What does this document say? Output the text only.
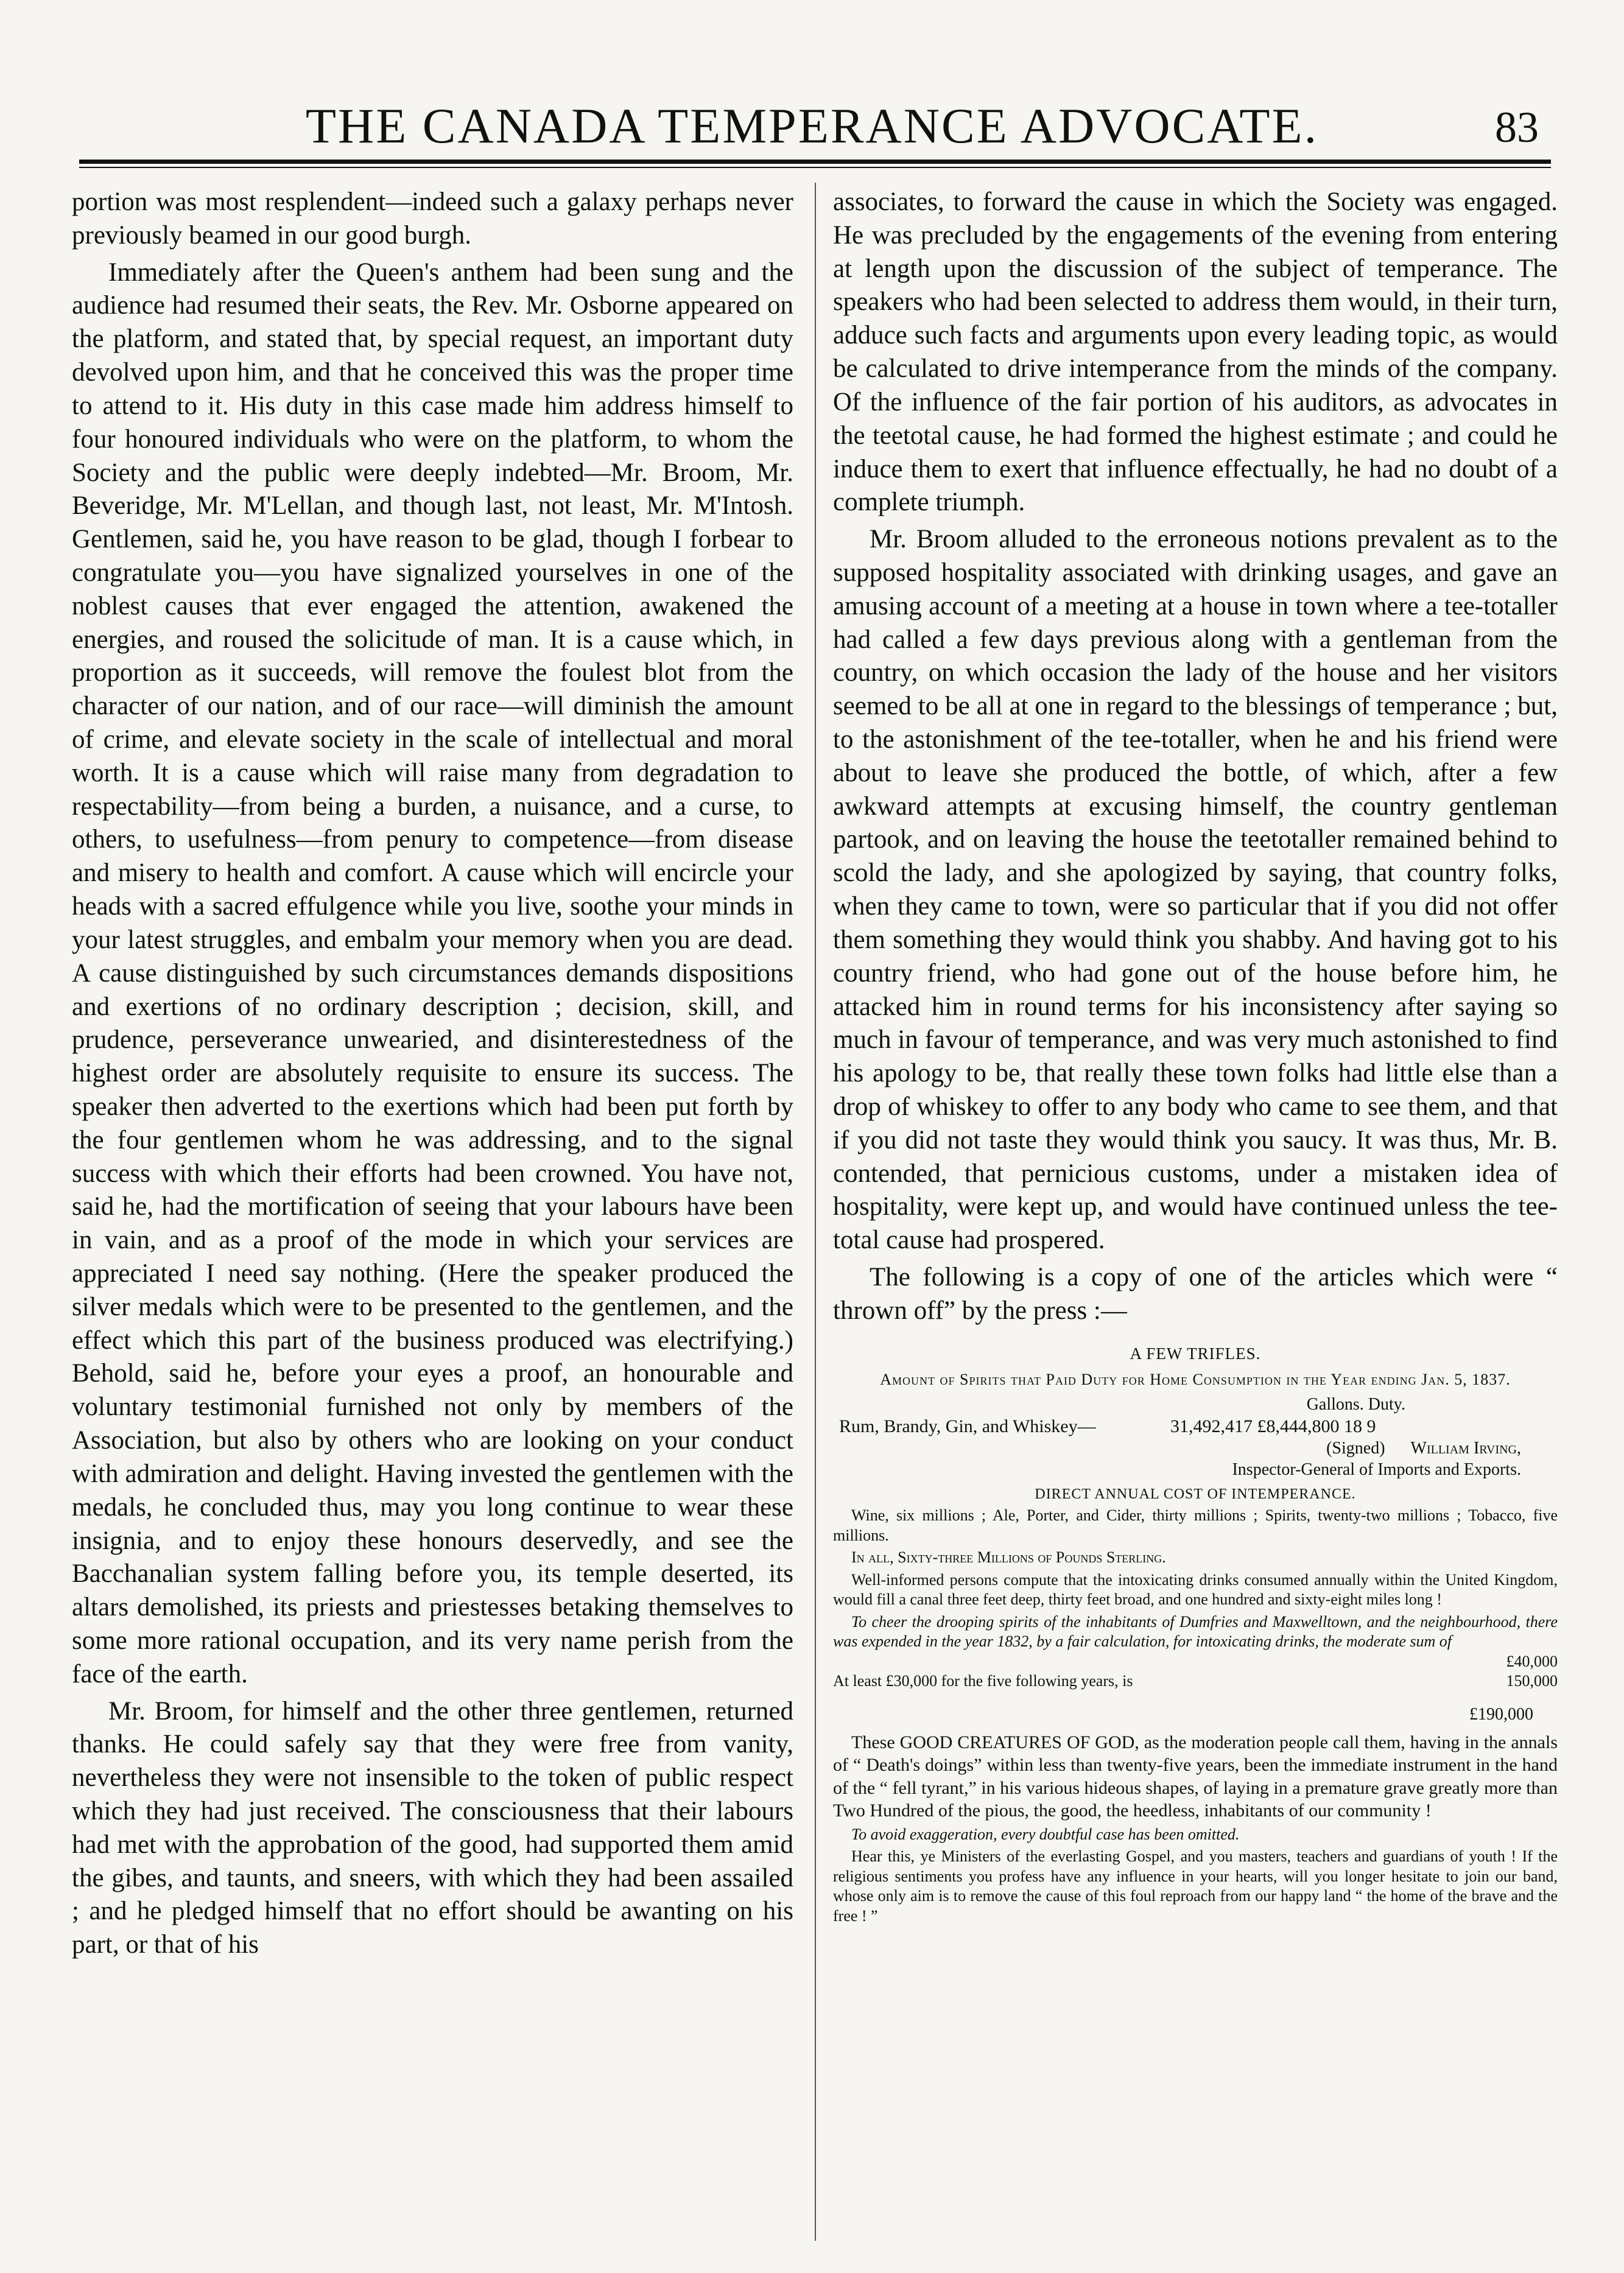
THE CANADA TEMPERANCE ADVOCATE.	83

portion was most resplendent—indeed such a galaxy perhaps never previously beamed in our good burgh.

Immediately after the Queen's anthem had been sung and the audience had resumed their seats, the Rev. Mr. Osborne appeared on the platform, and stated that, by special request, an important duty devolved upon him, and that he conceived this was the proper time to attend to it. His duty in this case made him address himself to four honoured individuals who were on the platform, to whom the Society and the public were deeply indebted—Mr. Broom, Mr. Beveridge, Mr. M'Lellan, and though last, not least, Mr. M'Intosh. Gentlemen, said he, you have reason to be glad, though I forbear to congratulate you—you have signalized yourselves in one of the noblest causes that ever engaged the attention, awakened the energies, and roused the solicitude of man. It is a cause which, in proportion as it succeeds, will remove the foulest blot from the character of our nation, and of our race—will diminish the amount of crime, and elevate society in the scale of intellectual and moral worth. It is a cause which will raise many from degradation to respectability—from being a burden, a nuisance, and a curse, to others, to usefulness—from penury to competence—from disease and misery to health and comfort. A cause which will encircle your heads with a sacred effulgence while you live, soothe your minds in your latest struggles, and embalm your memory when you are dead. A cause distinguished by such circumstances demands dispositions and exertions of no ordinary description ; decision, skill, and prudence, perseverance unwearied, and disinterestedness of the highest order are absolutely requisite to ensure its success. The speaker then adverted to the exertions which had been put forth by the four gentlemen whom he was addressing, and to the signal success with which their efforts had been crowned. You have not, said he, had the mortification of seeing that your labours have been in vain, and as a proof of the mode in which your services are appreciated I need say nothing. (Here the speaker produced the silver medals which were to be presented to the gentlemen, and the effect which this part of the business produced was electrifying.) Behold, said he, before your eyes a proof, an honourable and voluntary testimonial furnished not only by members of the Association, but also by others who are looking on your conduct with admiration and delight. Having invested the gentlemen with the medals, he concluded thus, may you long continue to wear these insignia, and to enjoy these honours deservedly, and see the Bacchanalian system falling before you, its temple deserted, its altars demolished, its priests and priestesses betaking themselves to some more rational occupation, and its very name perish from the face of the earth.

Mr. Broom, for himself and the other three gentlemen, returned thanks. He could safely say that they were free from vanity, nevertheless they were not insensible to the token of public respect which they had just received. The consciousness that their labours had met with the approbation of the good, had supported them amid the gibes, and taunts, and sneers, with which they had been assailed ; and he pledged himself that no effort should be awanting on his part, or that of his

associates, to forward the cause in which the Society was engaged. He was precluded by the engagements of the evening from entering at length upon the discussion of the subject of temperance. The speakers who had been selected to address them would, in their turn, adduce such facts and arguments upon every leading topic, as would be calculated to drive intemperance from the minds of the company. Of the influence of the fair portion of his auditors, as advocates in the teetotal cause, he had formed the highest estimate ; and could he induce them to exert that influence effectually, he had no doubt of a complete triumph.

Mr. Broom alluded to the erroneous notions prevalent as to the supposed hospitality associated with drinking usages, and gave an amusing account of a meeting at a house in town where a tee-totaller had called a few days previous along with a gentleman from the country, on which occasion the lady of the house and her visitors seemed to be all at one in regard to the blessings of temperance ; but, to the astonishment of the tee-totaller, when he and his friend were about to leave she produced the bottle, of which, after a few awkward attempts at excusing himself, the country gentleman partook, and on leaving the house the teetotaller remained behind to scold the lady, and she apologized by saying, that country folks, when they came to town, were so particular that if you did not offer them something they would think you shabby. And having got to his country friend, who had gone out of the house before him, he attacked him in round terms for his inconsistency after saying so much in favour of temperance, and was very much astonished to find his apology to be, that really these town folks had little else than a drop of whiskey to offer to any body who came to see them, and that if you did not taste they would think you saucy. It was thus, Mr. B. contended, that pernicious customs, under a mistaken idea of hospitality, were kept up, and would have continued unless the tee-total cause had prospered.

The following is a copy of one of the articles which were “ thrown off” by the press :—

A FEW TRIFLES.
Amount of Spirits that Paid Duty for Home Consumption in the Year ending Jan. 5, 1837.
Gallons. Duty.
Rum, Brandy, Gin, and Whiskey—	31,492,417 £8,444,800 18 9
(Signed) William Irving,
Inspector-General of Imports and Exports.
DIRECT ANNUAL COST OF INTEMPERANCE.
Wine, six millions ; Ale, Porter, and Cider, thirty millions ; Spirits, twenty-two millions ; Tobacco, five millions.
In all, Sixty-three Millions of Pounds Sterling.
Well-informed persons compute that the intoxicating drinks consumed annually within the United Kingdom, would fill a canal three feet deep, thirty feet broad, and one hundred and sixty-eight miles long !
To cheer the drooping spirits of the inhabitants of Dumfries and Maxwelltown, and the neighbourhood, there was expended in the year 1832, by a fair calculation, for intoxicating drinks, the moderate sum of
£40,000
At least £30,000 for the five following years, is	150,000
£190,000
These GOOD CREATURES OF GOD, as the moderation people call them, having in the annals of “ Death's doings” within less than twenty-five years, been the immediate instrument in the hand of the “ fell tyrant,” in his various hideous shapes, of laying in a premature grave greatly more than Two Hundred of the pious, the good, the heedless, inhabitants of our community !
To avoid exaggeration, every doubtful case has been omitted.
Hear this, ye Ministers of the everlasting Gospel, and you masters, teachers and guardians of youth ! If the religious sentiments you profess have any influence in your hearts, will you longer hesitate to join our band, whose only aim is to remove the cause of this foul reproach from our happy land “ the home of the brave and the free ! ”
